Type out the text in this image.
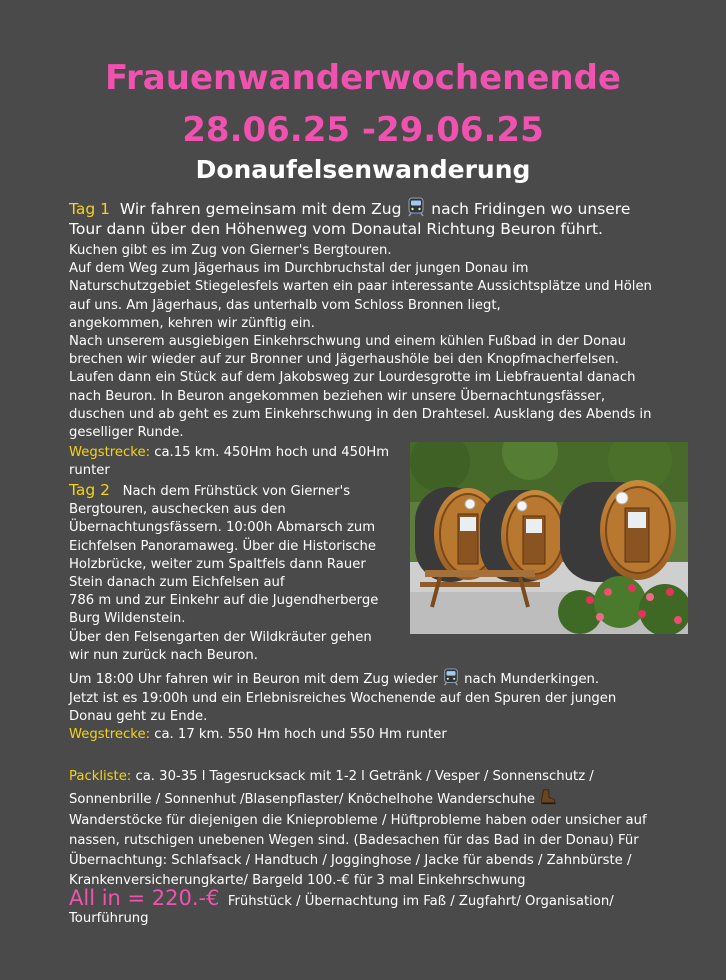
Frauenwanderwochenende
28.06.25 -29.06.25
Donaufelsenwanderung
Tag 1 Wir fahren gemeinsam mit dem Zug nach Fridingen wo unsere
Tour dann über den Höhenweg vom Donautal Richtung Beuron führt.
Kuchen gibt es im Zug von Gierner's Bergtouren.
Auf dem Weg zum Jägerhaus im Durchbruchstal der jungen Donau im
Naturschutzgebiet Stiegelesfels warten ein paar interessante Aussichtsplätze und Hölen
auf uns. Am Jägerhaus, das unterhalb vom Schloss Bronnen liegt,
angekommen, kehren wir zünftig ein.
Nach unserem ausgiebigen Einkehrschwung und einem kühlen Fußbad in der Donau
brechen wir wieder auf zur Bronner und Jägerhaushöle bei den Knopfmacherfelsen.
Laufen dann ein Stück auf dem Jakobsweg zur Lourdesgrotte im Liebfrauental danach
nach Beuron. In Beuron angekommen beziehen wir unsere Übernachtungsfässer,
duschen und ab geht es zum Einkehrschwung in den Drahtesel. Ausklang des Abends in
geselliger Runde.
Wegstrecke: ca.15 km. 450Hm hoch und 450Hm
runter
Tag 2 Nach dem Frühstück von Gierner's
Bergtouren, auschecken aus den
Übernachtungsfässern. 10:00h Abmarsch zum
Eichfelsen Panoramaweg. Über die Historische
Holzbrücke, weiter zum Spaltfels dann Rauer
Stein danach zum Eichfelsen auf
786 m und zur Einkehr auf die Jugendherberge
Burg Wildenstein.
Über den Felsengarten der Wildkräuter gehen
wir nun zurück nach Beuron.
Um 18:00 Uhr fahren wir in Beuron mit dem Zug wieder nach Munderkingen.
Jetzt ist es 19:00h und ein Erlebnisreiches Wochenende auf den Spuren der jungen
Donau geht zu Ende.
Wegstrecke: ca. 17 km. 550 Hm hoch und 550 Hm runter
Packliste: ca. 30-35 l Tagesrucksack mit 1-2 l Getränk / Vesper / Sonnenschutz /
Sonnenbrille / Sonnenhut /Blasenpflaster/ Knöchelhohe Wanderschuhe
Wanderstöcke für diejenigen die Knieprobleme / Hüftprobleme haben oder unsicher auf
nassen, rutschigen unebenen Wegen sind. (Badesachen für das Bad in der Donau) Für
Übernachtung: Schlafsack / Handtuch / Jogginghose / Jacke für abends / Zahnbürste /
Krankenversicherungkarte/ Bargeld 100.-€ für 3 mal Einkehrschwung
All in = 220.-€ Frühstück / Übernachtung im Faß / Zugfahrt/ Organisation/
Tourführung
